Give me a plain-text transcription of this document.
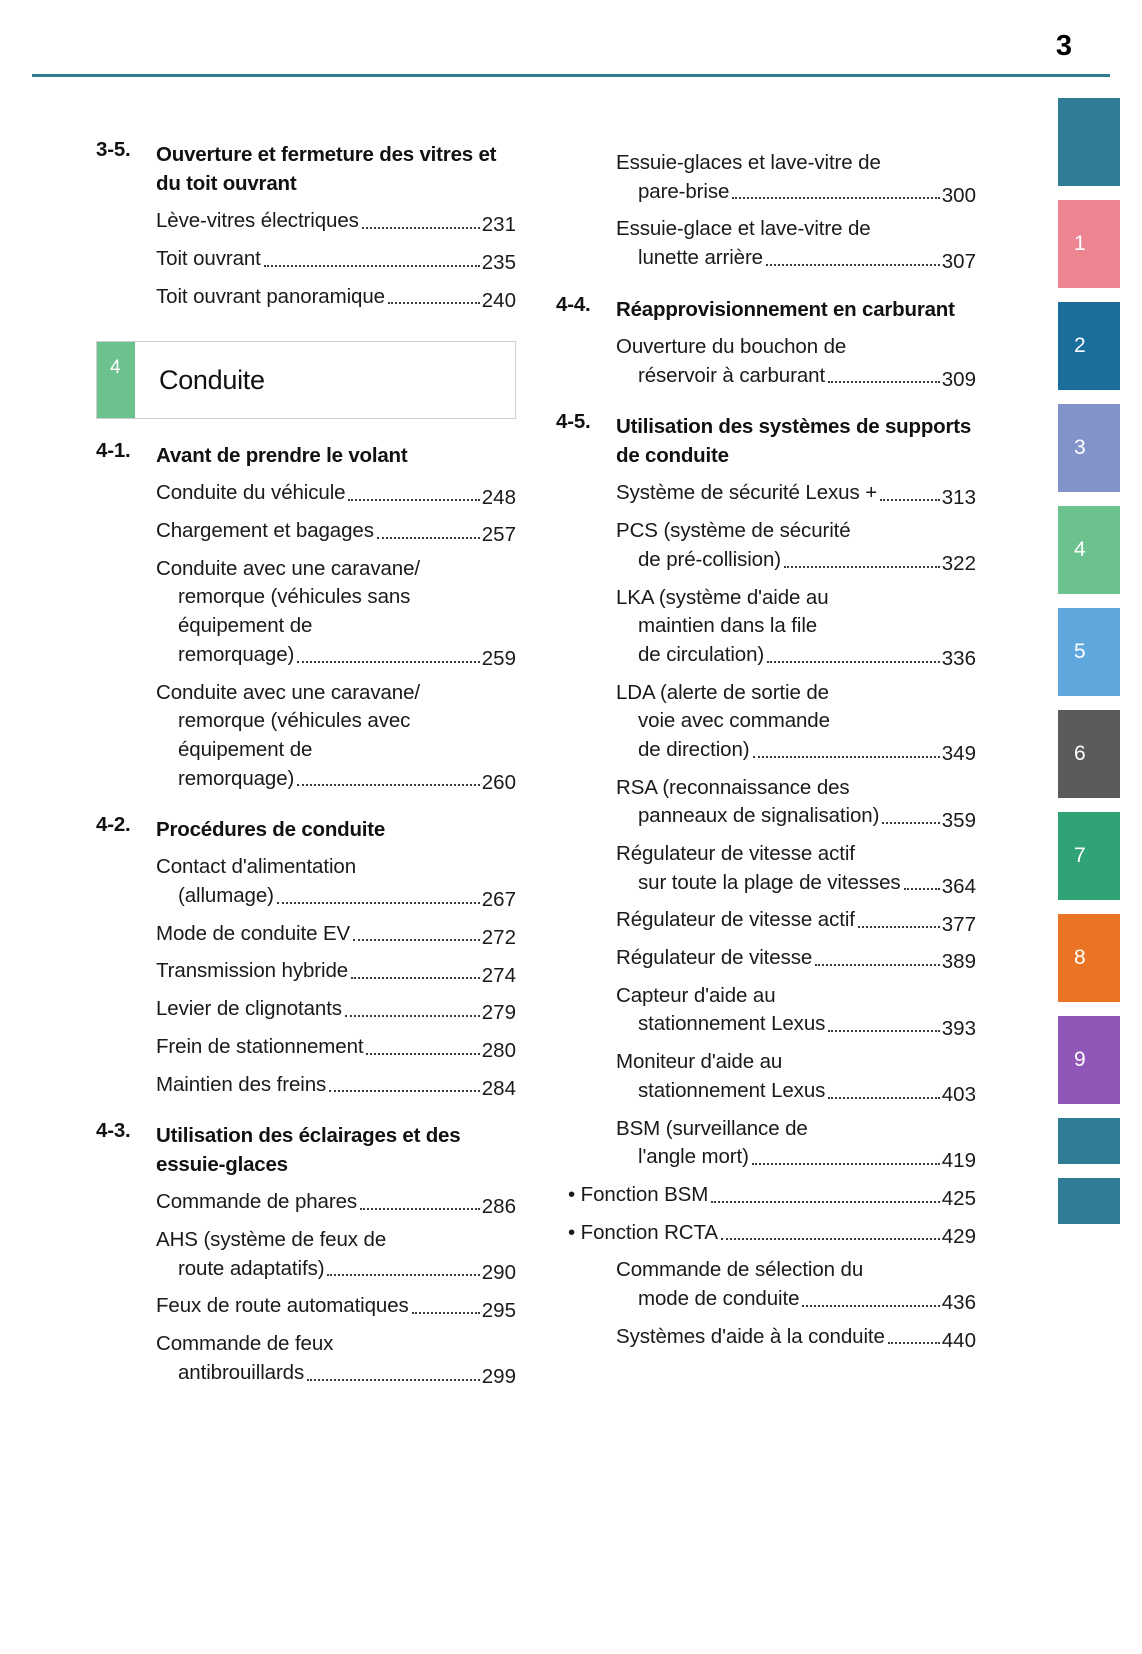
3
1
2
3
4
5
6
7
8
9
3-5.	Ouverture et fermeture des vitres et du toit ouvrant
Lève-vitres électriques	231
Toit ouvrant	235
Toit ouvrant panoramique	240
4 Conduite
4-1.	Avant de prendre le volant
Conduite du véhicule	248
Chargement et bagages	257
Conduite avec une caravane/
remorque (véhicules sans
équipement de
remorquage)	259
Conduite avec une caravane/
remorque (véhicules avec
équipement de
remorquage)	260
4-2.	Procédures de conduite
Contact d'alimentation
(allumage)	267
Mode de conduite EV	272
Transmission hybride	274
Levier de clignotants	279
Frein de stationnement	280
Maintien des freins	284
4-3.	Utilisation des éclairages et des essuie-glaces
Commande de phares	286
AHS (système de feux de
route adaptatifs)	290
Feux de route automatiques	295
Commande de feux
antibrouillards	299
Essuie-glaces et lave-vitre de
pare-brise	300
Essuie-glace et lave-vitre de
lunette arrière	307
4-4.	Réapprovisionnement en carburant
Ouverture du bouchon de
réservoir à carburant	309
4-5.	Utilisation des systèmes de supports de conduite
Système de sécurité Lexus +	313
PCS (système de sécurité
de pré-collision)	322
LKA (système d'aide au
maintien dans la file
de circulation)	336
LDA (alerte de sortie de
voie avec commande
de direction)	349
RSA (reconnaissance des
panneaux de signalisation)	359
Régulateur de vitesse actif
sur toute la plage de vitesses 364
Régulateur de vitesse actif	377
Régulateur de vitesse	389
Capteur d'aide au
stationnement Lexus	393
Moniteur d'aide au
stationnement Lexus	403
BSM (surveillance de
l'angle mort)	419
• Fonction BSM	425
• Fonction RCTA	429
Commande de sélection du
mode de conduite	436
Systèmes d'aide à la conduite	440
